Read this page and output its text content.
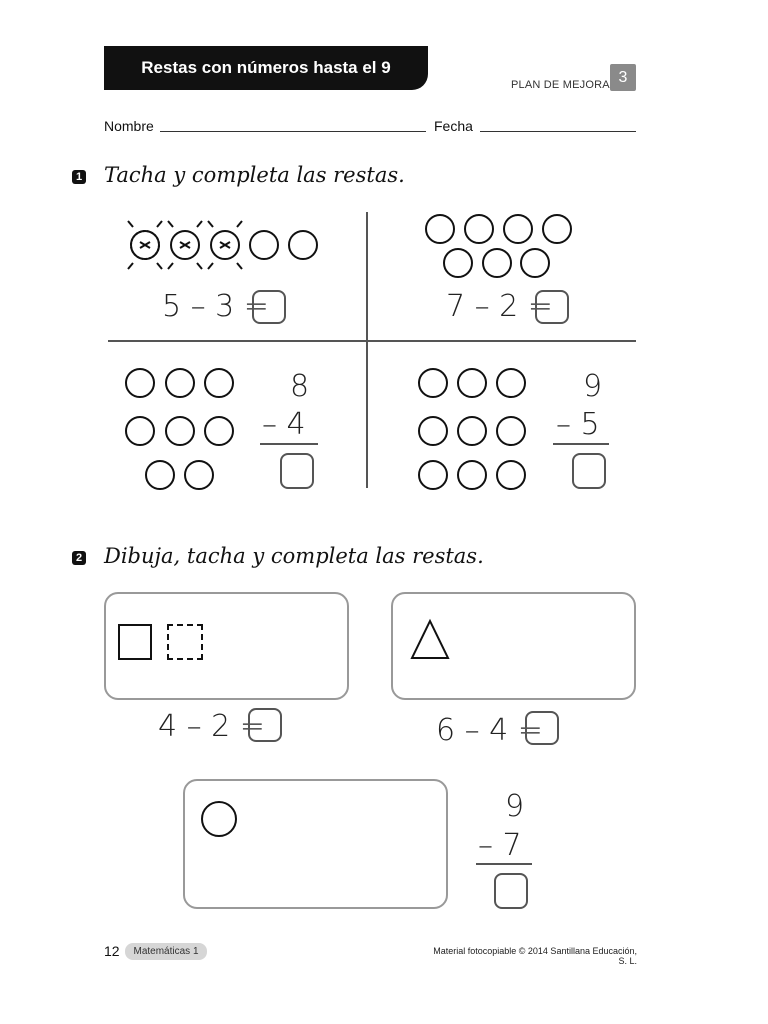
Restas con números hasta el 9
PLAN DE MEJORA 3
Nombre	Fecha
1 Tacha y completa las restas.
5 – 3 =	7 – 2 =
8
– 4
9
– 5
2 Dibuja, tacha y completa las restas.
4 – 2 =	6 – 4 =
9
– 7
12	Matemáticas 1	Material fotocopiable © 2014 Santillana Educación, S. L.
